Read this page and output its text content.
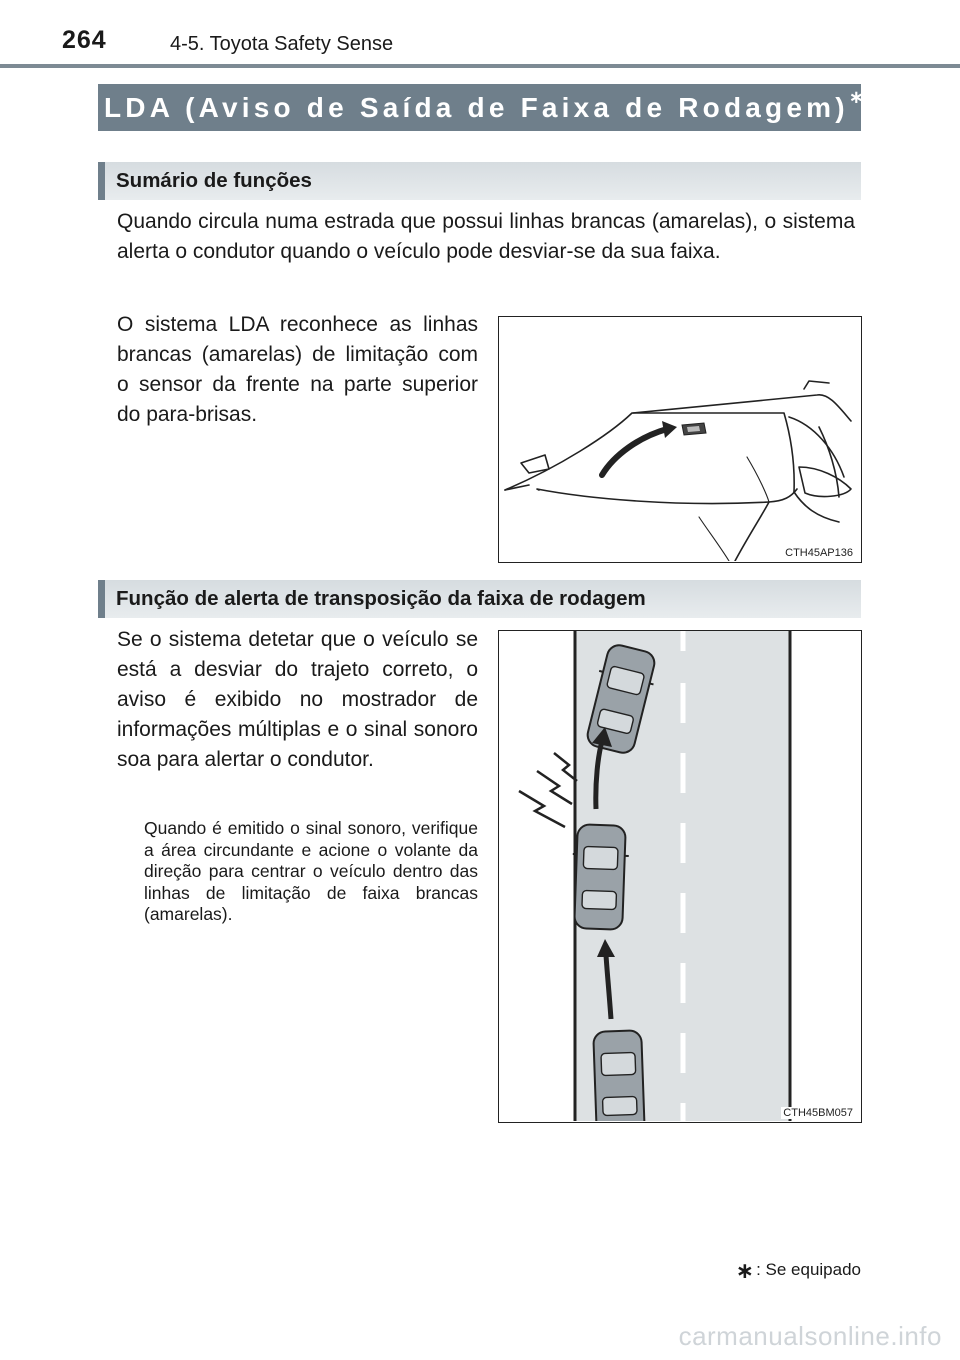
264	4-5. Toyota Safety Sense
LDA (Aviso de Saída de Faixa de Rodagem)∗
Sumário de funções

Quando circula numa estrada que possui linhas brancas (amarelas), o sistema alerta o condutor quando o veículo pode desviar-se da sua faixa.

O sistema LDA reconhece as linhas brancas (amarelas) de limitação com o sensor da frente na parte superior do para-brisas.

CTH45AP136
Função de alerta de transposição da faixa de rodagem

Se o sistema detetar que o veículo se está a desviar do trajeto correto, o aviso é exibido no mostrador de informações múltiplas e o sinal sonoro soa para alertar o condutor.

Quando é emitido o sinal sonoro, verifique a área circundante e acione o volante da direção para centrar o veículo dentro das linhas de limitação de faixa brancas (amarelas).

CTH45BM057
∗ : Se equipado
carmanualsonline.info
